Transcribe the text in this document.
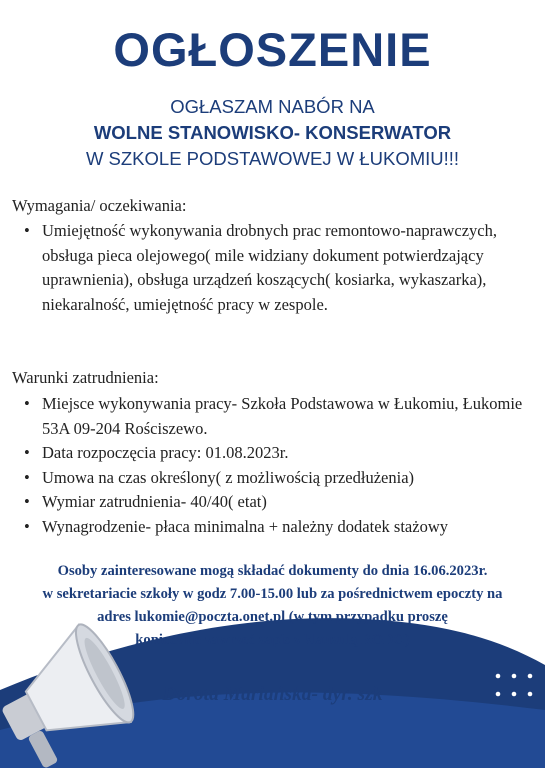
OGŁOSZENIE
OGŁASZAM NABÓR NA
WOLNE STANOWISKO- KONSERWATOR
W SZKOLE PODSTAWOWEJ W ŁUKOMIU!!!
Wymagania/ oczekiwania:
• Umiejętność wykonywania drobnych prac remontowo-naprawczych, obsługa pieca olejowego( mile widziany dokument potwierdzający uprawnienia), obsługa urządzeń koszących( kosiarka, wykaszarka), niekaralność, umiejętność pracy w zespole.
Warunki zatrudnienia:
• Miejsce wykonywania pracy- Szkoła Podstawowa w Łukomiu, Łukomie 53A 09-204 Rościszewo.
• Data rozpoczęcia pracy: 01.08.2023r.
• Umowa na czas określony( z możliwością przedłużenia)
• Wymiar zatrudnienia- 40/40( etat)
• Wynagrodzenie- płaca minimalna + należny dodatek stażowy
Osoby zainteresowane mogą składać dokumenty do dnia 16.06.2023r.
w sekretariacie szkoły w godz 7.00-15.00 lub za pośrednictwem epoczty na
adres lukomie@poczta.onet.pl (w tym przypadku proszę
koniecznie zawrzeć zapis z klauzulą RODO)
Dorota Mariańska- dyr. szk
